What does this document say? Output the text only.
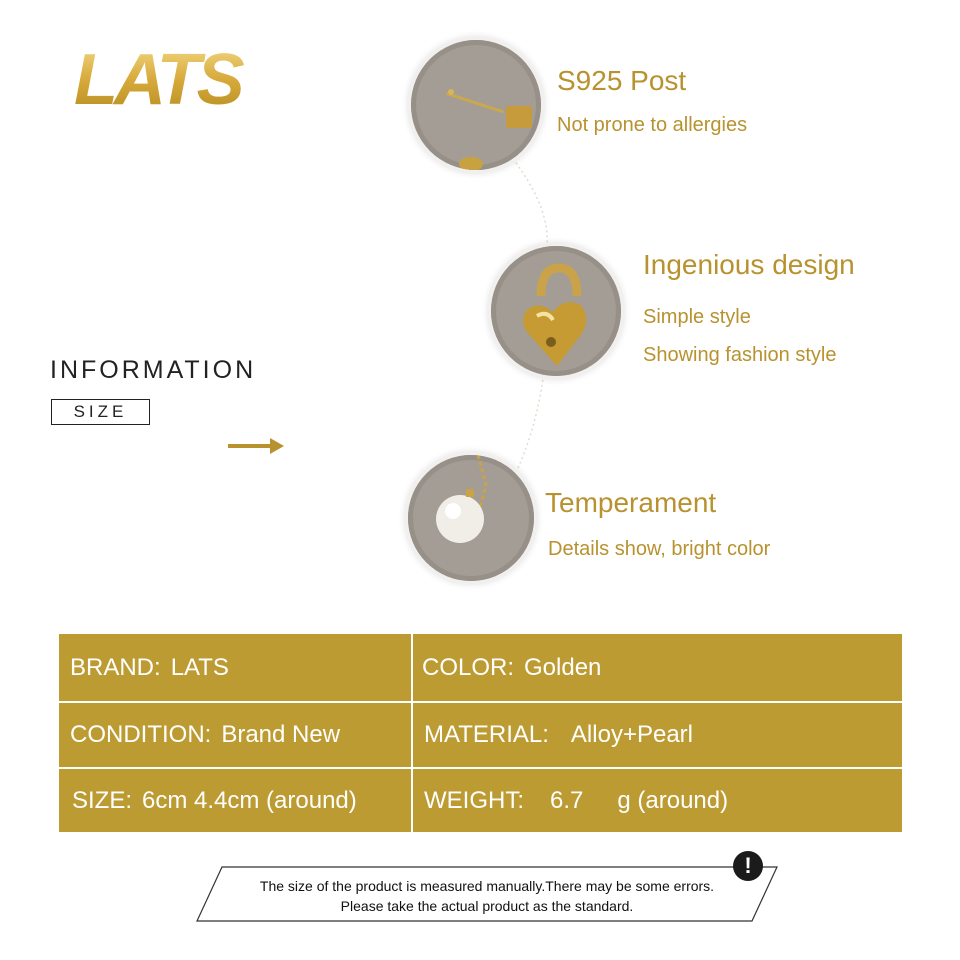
LATS
INFORMATION
SIZE
S925 Post
Not prone to allergies
Ingenious design
Simple style
Showing fashion style
Temperament
Details show, bright color
BRAND: LATS	COLOR: Golden
CONDITION: Brand New	MATERIAL: Alloy+Pearl
SIZE: 6cm 4.4cm (around)	WEIGHT: 6.7 g (around)
!
The size of the product is measured manually.There may be some errors.
Please take the actual product as the standard.
